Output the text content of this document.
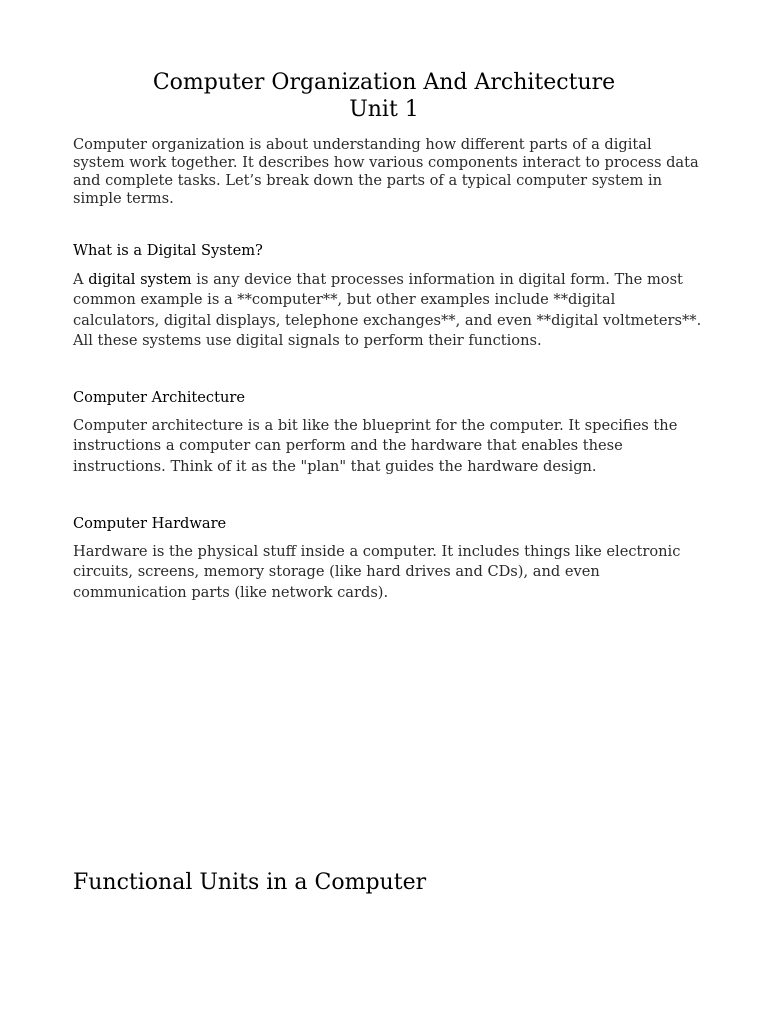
Computer Organization And Architecture
Unit 1

Computer organization is about understanding how different parts of a digital system work together. It describes how various components interact to process data and complete tasks. Let’s break down the parts of a typical computer system in simple terms.

What is a Digital System?

A digital system is any device that processes information in digital form. The most common example is a **computer**, but other examples include **digital calculators, digital displays, telephone exchanges**, and even **digital voltmeters**. All these systems use digital signals to perform their functions.

Computer Architecture

Computer architecture is a bit like the blueprint for the computer. It specifies the instructions a computer can perform and the hardware that enables these instructions. Think of it as the "plan" that guides the hardware design.

Computer Hardware

Hardware is the physical stuff inside a computer. It includes things like electronic circuits, screens, memory storage (like hard drives and CDs), and even communication parts (like network cards).

Functional Units in a Computer
